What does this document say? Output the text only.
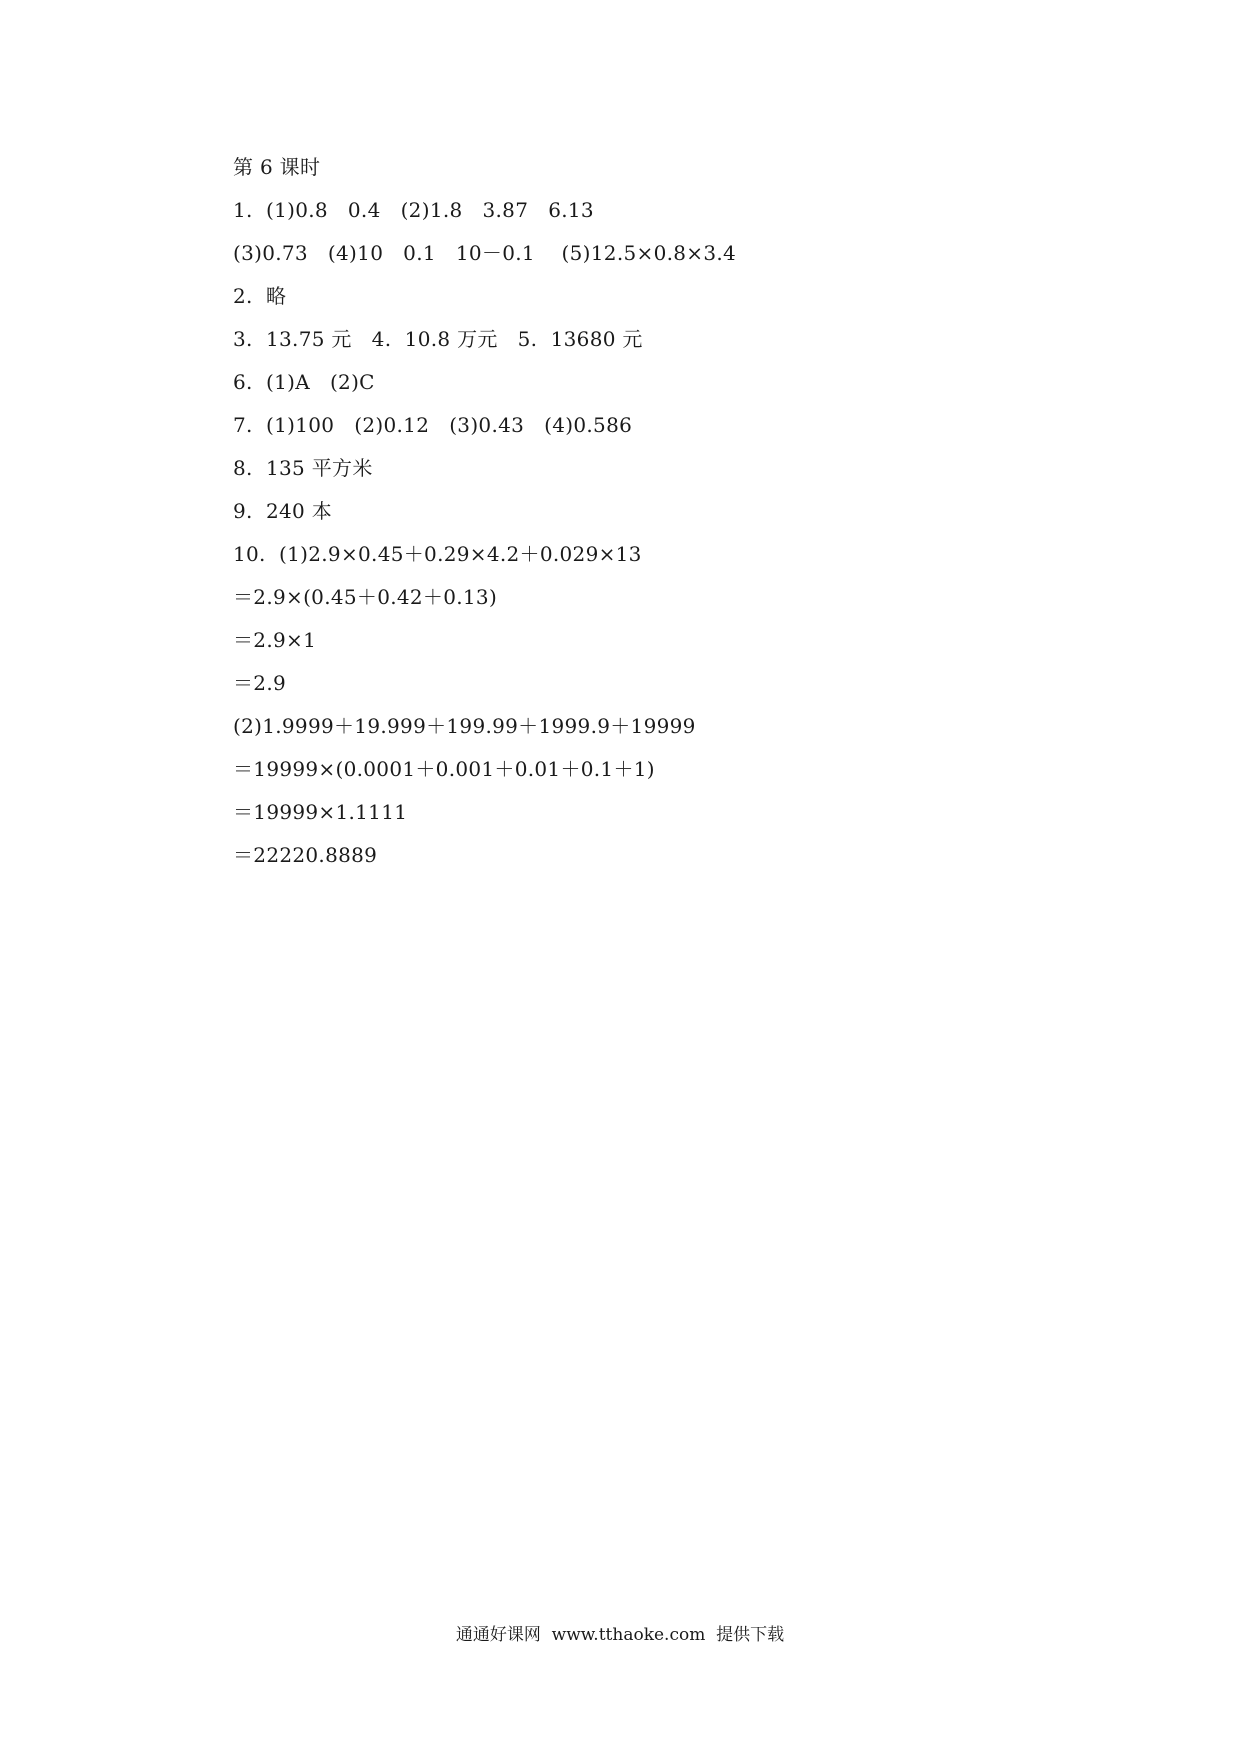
第 6 课时
1.  (1)0.8   0.4   (2)1.8   3.87   6.13
(3)0.73   (4)10   0.1   10－0.1    (5)12.5×0.8×3.4
2.  略
3.  13.75 元   4.  10.8 万元   5.  13680 元
6.  (1)A   (2)C
7.  (1)100   (2)0.12   (3)0.43   (4)0.586
8.  135 平方米
9.  240 本
10.  (1)2.9×0.45＋0.29×4.2＋0.029×13
＝2.9×(0.45＋0.42＋0.13)
＝2.9×1
＝2.9
(2)1.9999＋19.999＋199.99＋1999.9＋19999
＝19999×(0.0001＋0.001＋0.01＋0.1＋1)
＝19999×1.1111
＝22220.8889
通通好课网  www.tthaoke.com  提供下载
